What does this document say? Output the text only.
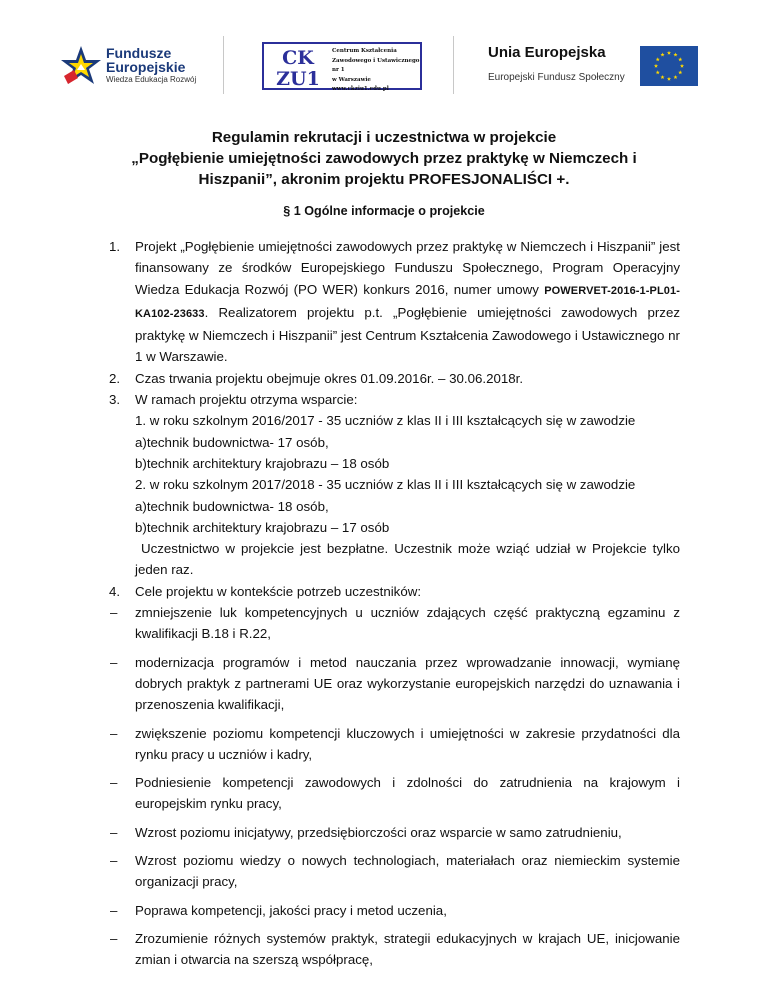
Fundusze
Europejskie
Wiedza Edukacja Rozwój
CK
ZU1
Centrum Kształcenia
Zawodowego i Ustawicznego nr 1
w Warszawie
www.ckziu1.edu.pl
Unia Europejska
Europejski Fundusz Społeczny
Regulamin rekrutacji i uczestnictwa w projekcie
„Pogłębienie umiejętności zawodowych przez praktykę w Niemczech i
Hiszpanii”, akronim projektu PROFESJONALIŚCI +.
§ 1 Ogólne informacje o projekcie
1. Projekt „Pogłębienie umiejętności zawodowych przez praktykę w Niemczech i Hiszpanii” jest finansowany ze środków Europejskiego Funduszu Społecznego, Program Operacyjny Wiedza Edukacja Rozwój (PO WER) konkurs 2016, numer umowy POWERVET-2016-1-PL01-KA102-23633. Realizatorem projektu p.t. „Pogłębienie umiejętności zawodowych przez praktykę w Niemczech i Hiszpanii” jest Centrum Kształcenia Zawodowego i Ustawicznego nr 1 w Warszawie.
2. Czas trwania projektu obejmuje okres 01.09.2016r. – 30.06.2018r.
3. W ramach projektu otrzyma wsparcie:
1. w roku szkolnym 2016/2017 - 35 uczniów z klas II i III kształcących się w zawodzie
a)technik budownictwa- 17 osób,
b)technik architektury krajobrazu – 18 osób
2. w roku szkolnym 2017/2018 - 35 uczniów z klas II i III kształcących się w zawodzie
a)technik budownictwa- 18 osób,
b)technik architektury krajobrazu – 17 osób
Uczestnictwo w projekcie jest bezpłatne. Uczestnik może wziąć udział w Projekcie tylko jeden raz.
4. Cele projektu w kontekście potrzeb uczestników:
– zmniejszenie luk kompetencyjnych u uczniów zdających część praktyczną egzaminu z kwalifikacji B.18 i R.22,
– modernizacja programów i metod nauczania przez wprowadzanie innowacji, wymianę dobrych praktyk z partnerami UE oraz wykorzystanie europejskich narzędzi do uznawania i przenoszenia kwalifikacji,
– zwiększenie poziomu kompetencji kluczowych i umiejętności w zakresie przydatności dla rynku pracy u uczniów i kadry,
– Podniesienie kompetencji zawodowych i zdolności do zatrudnienia na krajowym i europejskim rynku pracy,
– Wzrost poziomu inicjatywy, przedsiębiorczości oraz wsparcie w samo zatrudnieniu,
– Wzrost poziomu wiedzy o nowych technologiach, materiałach oraz niemieckim systemie organizacji pracy,
– Poprawa kompetencji, jakości pracy i metod uczenia,
– Zrozumienie różnych systemów praktyk, strategii edukacyjnych w krajach UE, inicjowanie zmian i otwarcia na szerszą współpracę,
